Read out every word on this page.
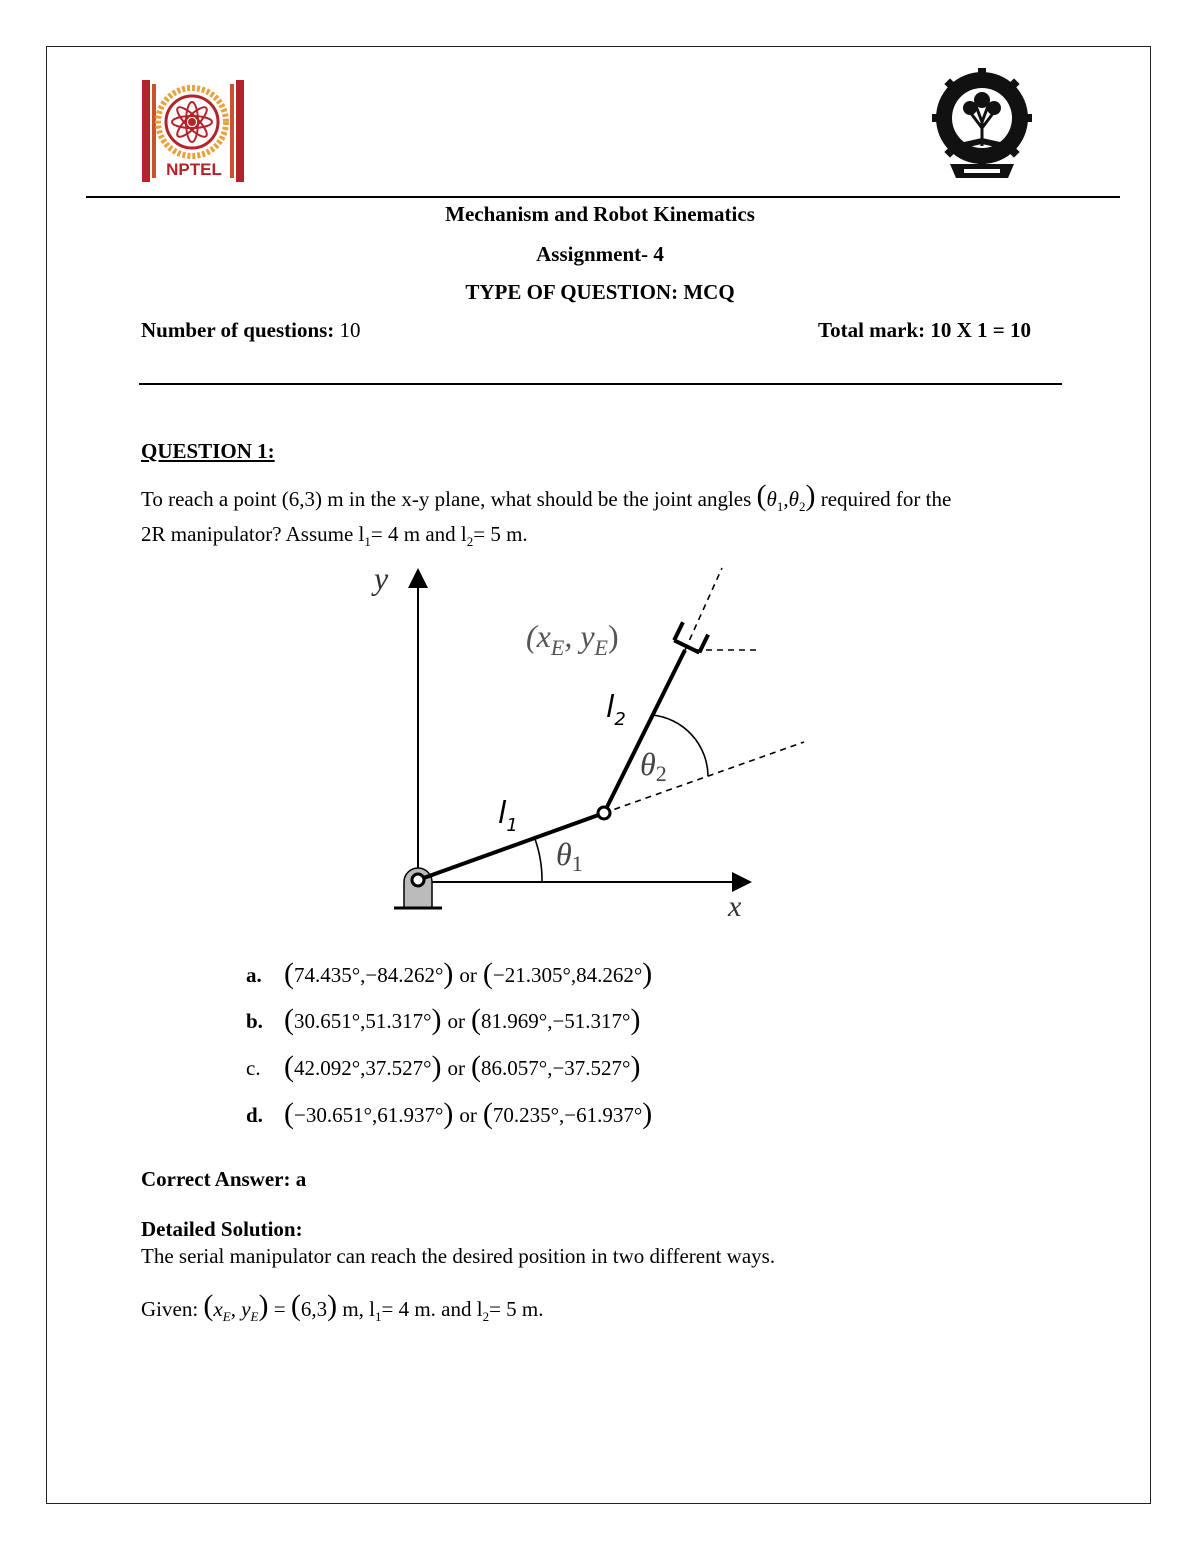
NPTEL
Mechanism and Robot Kinematics
Assignment- 4
TYPE OF QUESTION: MCQ
Number of questions: 10	Total mark: 10 X 1 = 10
QUESTION 1:
To reach a point (6,3) m in the x-y plane, what should be the joint angles $(\theta_1,\theta_2)$ required for the
2R manipulator? Assume $l_1= 4$ m and $l_2= 5$ m.
y
x
($x_E$, $y_E$)
$l_1$
$l_2$
θ1
θ2
a. ( 74.435°,−84.262° ) or ( −21.305°,84.262° )
b. ( 30.651°,51.317° ) or ( 81.969°,−51.317° )
c. ( 42.092°,37.527° ) or ( 86.057°,−37.527° )
d. ( −30.651°,61.937° ) or ( 70.235°,−61.937° )
Correct Answer: a
Detailed Solution:
The serial manipulator can reach the desired position in two different ways.
Given: ($x_E$, $y_E) = (6,3)$ m, $l_1= 4$ m. and $l_2= 5$ m.
